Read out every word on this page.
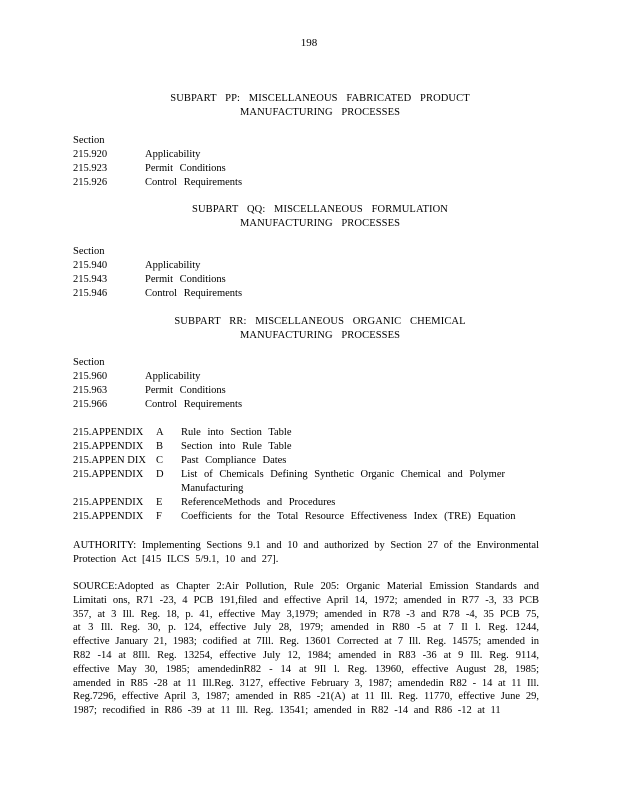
198
SUBPART PP: MISCELLANEOUS FABRICATED PRODUCT
MANUFACTURING PROCESSES
Section
215.920	Applicability
215.923	Permit Conditions
215.926	Control Requirements
SUBPART QQ: MISCELLANEOUS FORMULATION
MANUFACTURING PROCESSES
Section
215.940	Applicability
215.943	Permit Conditions
215.946	Control Requirements
SUBPART RR: MISCELLANEOUS ORGANIC CHEMICAL
MANUFACTURING PROCESSES
Section
215.960	Applicability
215.963	Permit Conditions
215.966	Control Requirements
215.APPENDIX A Rule into Section Table
215.APPENDIX B Section into Rule Table
215.APPEN DIX C Past Compliance Dates
215.APPENDIX D List of Chemicals Defining Synthetic Organic Chemical and Polymer
Manufacturing
215.APPENDIX E ReferenceMethods and Procedures
215.APPENDIX F Coefficients for the Total Resource Effectiveness Index (TRE) Equation
AUTHORITY: Implementing Sections 9.1 and 10 and authorized by Section 27 of the Environmental Protection Act [415 ILCS 5/9.1, 10 and 27].
SOURCE:Adopted as Chapter 2:Air Pollution, Rule 205: Organic Material Emission Standards and Limitati ons, R71 -23, 4 PCB 191,filed and effective April 14, 1972; amended in R77 -3, 33 PCB 357, at 3 Ill. Reg. 18, p. 41, effective May 3,1979; amended in R78 -3 and R78 -4, 35 PCB 75, at 3 Ill. Reg. 30, p. 124, effective July 28, 1979; amended in R80 -5 at 7 Il l. Reg. 1244, effective January 21, 1983; codified at 7Ill. Reg. 13601 Corrected at 7 Ill. Reg. 14575; amended in R82 -14 at 8Ill. Reg. 13254, effective July 12, 1984; amended in R83 -36 at 9 Ill. Reg. 9114, effective May 30, 1985; amendedinR82 - 14 at 9Il l. Reg. 13960, effective August 28, 1985; amended in R85 -28 at 11 Ill.Reg. 3127, effective February 3, 1987; amendedin R82 - 14 at 11 Ill. Reg.7296, effective April 3, 1987; amended in R85 -21(A) at 11 Ill. Reg. 11770, effective June 29, 1987; recodified in R86 -39 at 11 Ill. Reg. 13541; amended in R82 -14 and R86 -12 at 11
